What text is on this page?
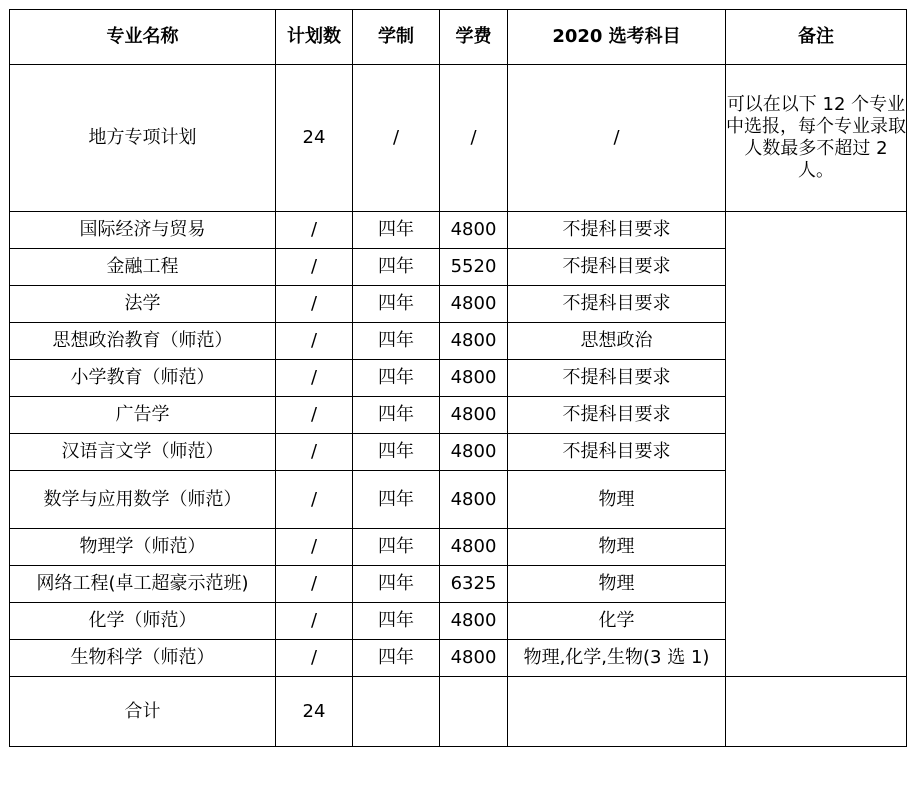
专业名称	计划数	学制	学费	2020 选考科目	备注
地方专项计划	24	/	/	/	可以在以下 12 个专业中选报，每个专业录取人数最多不超过 2 人。
国际经济与贸易	/	四年	4800	不提科目要求	
金融工程	/	四年	5520	不提科目要求	
法学	/	四年	4800	不提科目要求	
思想政治教育（师范）	/	四年	4800	思想政治	
小学教育（师范）	/	四年	4800	不提科目要求	
广告学	/	四年	4800	不提科目要求	
汉语言文学（师范）	/	四年	4800	不提科目要求	
数学与应用数学（师范）	/	四年	4800	物理	
物理学（师范）	/	四年	4800	物理	
网络工程(卓工超豪示范班)	/	四年	6325	物理	
化学（师范）	/	四年	4800	化学	
生物科学（师范）	/	四年	4800	物理,化学,生物(3 选 1)	
合计	24				
